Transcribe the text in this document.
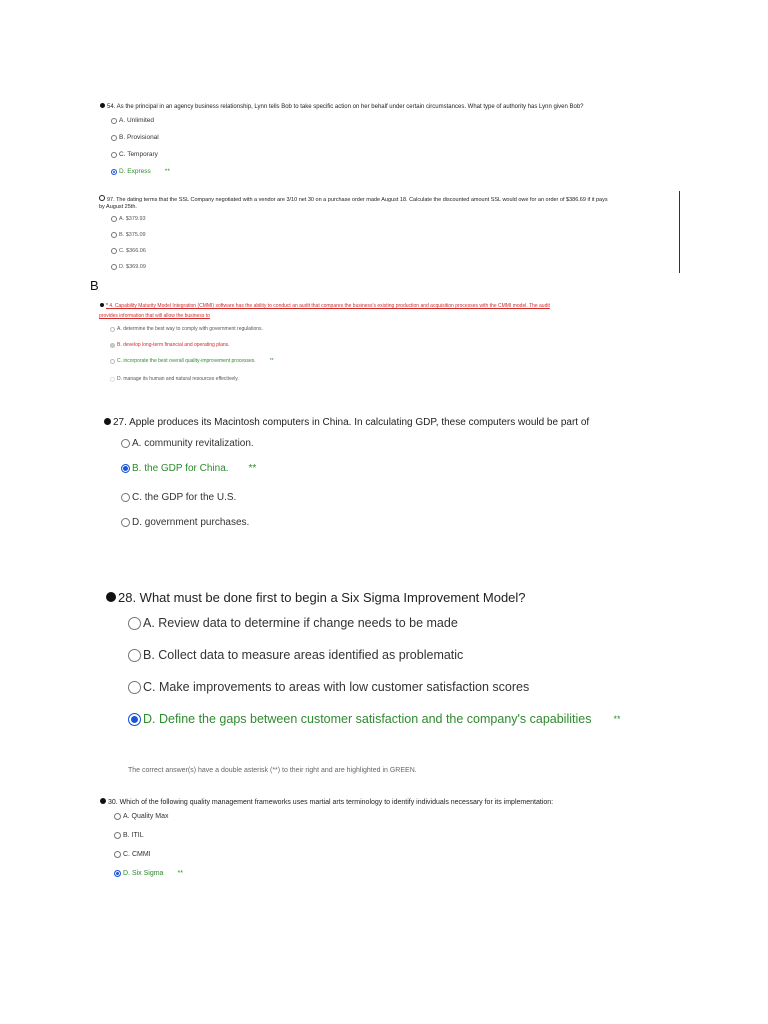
54. As the principal in an agency business relationship, Lynn tells Bob to take specific action on her behalf under certain circumstances. What type of authority has Lynn given Bob?
A. Unlimited
B. Provisional
C. Temporary
D. Express **
97. The dating terms that the SSL Company negotiated with a vendor are 3/10 net 30 on a purchase order made August 18. Calculate the discounted amount SSL would owe for an order of $386.69 if it pays
by August 25th.
A. $379.93
B. $375.09
C. $366.06
D. $369.09
B
* 4. Capability Maturity Model Integration (CMMI) software has the ability to conduct an audit that compares the business's existing production and acquisition processes with the CMMI model. The audit
provides information that will allow the business to
A. determine the best way to comply with government regulations.
B. develop long-term financial and operating plans.
C. incorporate the best overall quality-improvement processes.	**
D. manage its human and natural resources effectively.
27. Apple produces its Macintosh computers in China. In calculating GDP, these computers would be part of
A. community revitalization.
B. the GDP for China. **
C. the GDP for the U.S.
D. government purchases.
28. What must be done first to begin a Six Sigma Improvement Model?
A. Review data to determine if change needs to be made
B. Collect data to measure areas identified as problematic
C. Make improvements to areas with low customer satisfaction scores
D. Define the gaps between customer satisfaction and the company's capabilities **
The correct answer(s) have a double asterisk (**) to their right and are highlighted in GREEN.
30. Which of the following quality management frameworks uses martial arts terminology to identify individuals necessary for its implementation:
A. Quality Max
B. ITIL
C. CMMI
D. Six Sigma **
